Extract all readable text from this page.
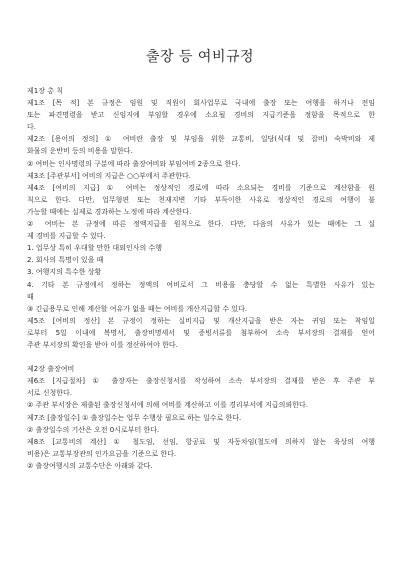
출장 등 여비규정
제1장 총 칙
제1조 [목 적] 본 규정은 임원 및 직원이 회사업무로 국내에 출장 또는 여행을 하거나 전임
또는 파견명령을 받고 신임지에 부임할 경우에 소요될 경비의 지급기준을 정함을 목적으로 한
다.
제2조 [용어의 정의] ① 여비란 출장 및 부임을 위한 교통비, 일당(식대 및 잡비) 숙박비와 제
화물의 운반비 등의 비용을 말한다.
② 여비는 인사명령의 구분에 따라 출장여비와 부임여비 2종으로 한다.
제3조 [주관부서] 여비의 지급은 ○○부에서 주관한다.
제4조 [여비의 지급] ① 여비는 정상적인 경로에 따라 소요되는 경비를 기준으로 계산함을 원
칙으로 한다. 다만, 업무형편 또는 천재지변 기타 부득이한 사유로 정상적인 경로의 여행이 불
가능할 때에는 실제로 경과하는 노정에 따라 계산한다.
② 여비는 본 규정에 따른 정액지급을 원칙으로 한다. 다만, 다음의 사유가 있는 때에는 그 실
제 경비를 지급할 수 있다.
1. 업무상 특히 우대할 만한 대외인사의 수행
2. 회사의 특명이 있을 때
3. 여행지의 특수한 상황
4. 기타 본 규정에서 정하는 정액의 여비로서 그 비용을 충당할 수 없는 특별한 사유가 있는
때
③ 긴급용무로 인해 계산할 여유가 없을 때는 여비를 개산지급할 수 있다.
제5조 [여비의 정산] 본 규정이 정하는 실비지급 및 개산지급을 받은 자는 귀임 또는 착임일
로부터 5일 이내에 복명서, 출장비명세서 및 증빙서류를 첨부하여 소속 부서장의 결재를 얻어
주관 부서장의 확인을 받아 이를 정산하여야 한다.
제2장 출장여비
제6조 [지급절차] ① 출장자는 출장신청서를 작성하여 소속 부서장의 결재를 받은 후 주관 부
서로 신청한다.
② 주관 부서장은 제출된 출장신청서에 의해 여비를 계산하고 이를 경리부서에 지급의뢰한다.
제7조 [출장일수] ① 출장일수는 업무 수행상 필요로 하는 일수로 한다.
② 출장일수의 기산은 오전 0시로부터 한다.
제8조 [교통비의 계산] ① 철도임, 선임, 항공료 및 자동차임(철도에 의하지 않는 육상의 여행
비용)은 교통부장관의 인가요금을 기준으로 한다.
② 출장여행시의 교통수단은 아래와 같다.
